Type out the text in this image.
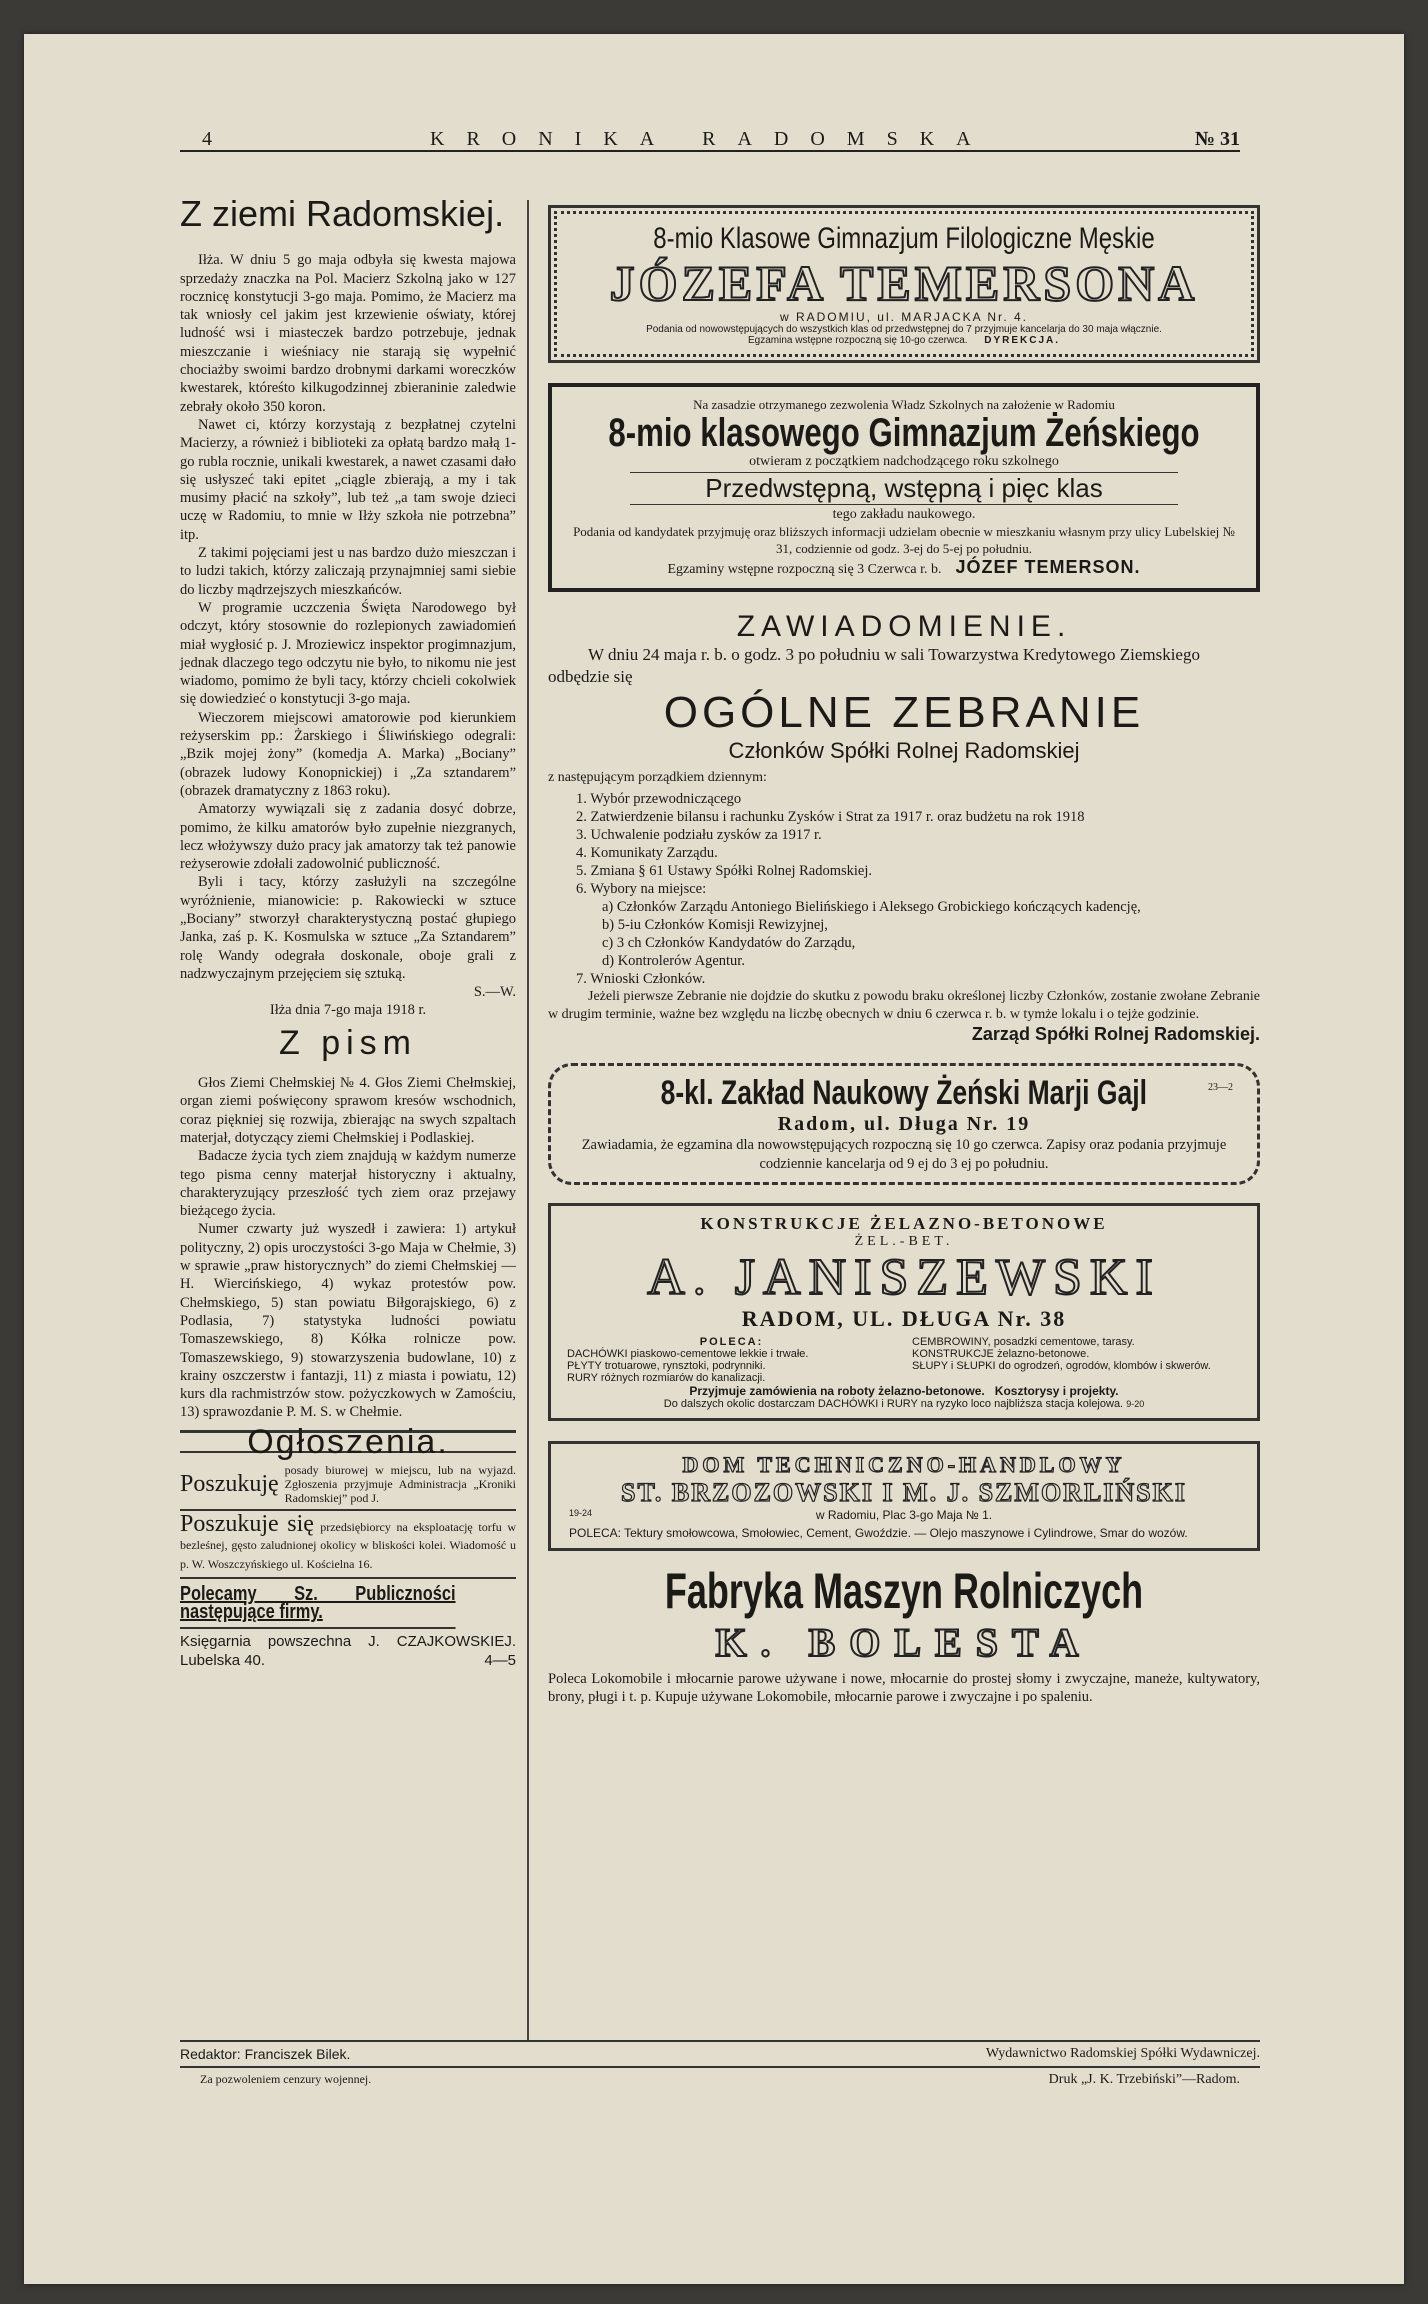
4	KRONIKA RADOMSKA	№ 31
Z ziemi Radomskiej.

Iłża. W dniu 5 go maja odbyła się kwesta majowa sprzedaży znaczka na Pol. Macierz Szkolną jako w 127 rocznicę konstytucji 3-go maja. Pomimo, że Macierz ma tak wniosły cel jakim jest krzewienie oświaty, której ludność wsi i miasteczek bardzo potrzebuje, jednak mieszczanie i wieśniacy nie starają się wypełnić chociażby swoimi bardzo drobnymi darkami woreczków kwestarek, któreśto kilkugodzinnej zbieraninie zaledwie zebrały około 350 koron.

Nawet ci, którzy korzystają z bezpłatnej czytelni Macierzy, a również i biblioteki za opłatą bardzo małą 1-go rubla rocznie, unikali kwestarek, a nawet czasami dało się usłyszeć taki epitet „ciągle zbierają, a my i tak musimy płacić na szkoły”, lub też „a tam swoje dzieci uczę w Radomiu, to mnie w Iłży szkoła nie potrzebna” itp.

Z takimi pojęciami jest u nas bardzo dużo mieszczan i to ludzi takich, którzy zaliczają przynajmniej sami siebie do liczby mądrzejszych mieszkańców.

W programie uczczenia Święta Narodowego był odczyt, który stosownie do rozlepionych zawiadomień miał wygłosić p. J. Mroziewicz inspektor progimnazjum, jednak dlaczego tego odczytu nie było, to nikomu nie jest wiadomo, pomimo że byli tacy, którzy chcieli cokolwiek się dowiedzieć o konstytucji 3-go maja.

Wieczorem miejscowi amatorowie pod kierunkiem reżyserskim pp.: Żarskiego i Śliwińskiego odegrali: „Bzik mojej żony” (komedja A. Marka) „Bociany” (obrazek ludowy Konopnickiej) i „Za sztandarem” (obrazek dramatyczny z 1863 roku).

Amatorzy wywiązali się z zadania dosyć dobrze, pomimo, że kilku amatorów było zupełnie niezgranych, lecz włożywszy dużo pracy jak amatorzy tak też panowie reżyserowie zdołali zadowolnić publiczność.

Byli i tacy, którzy zasłużyli na szczególne wyróżnienie, mianowicie: p. Rakowiecki w sztuce „Bociany” stworzył charakterystyczną postać głupiego Janka, zaś p. K. Kosmulska w sztuce „Za Sztandarem” rolę Wandy odegrała doskonale, oboje grali z nadzwyczajnym przejęciem się sztuką.

S.—W.
Iłża dnia 7-go maja 1918 r.
Z pism

Głos Ziemi Chełmskiej № 4. Głos Ziemi Chełmskiej, organ ziemi poświęcony sprawom kresów wschodnich, coraz piękniej się rozwija, zbierając na swych szpaltach materjał, dotyczący ziemi Chełmskiej i Podlaskiej.

Badacze życia tych ziem znajdują w każdym numerze tego pisma cenny materjał historyczny i aktualny, charakteryzujący przeszłość tych ziem oraz przejawy bieżącego życia.

Numer czwarty już wyszedł i zawiera: 1) artykuł polityczny, 2) opis uroczystości 3-go Maja w Chełmie, 3) w sprawie „praw historycznych” do ziemi Chełmskiej — H. Wiercińskiego, 4) wykaz protestów pow. Chełmskiego, 5) stan powiatu Biłgorajskiego, 6) z Podlasia, 7) statystyka ludności powiatu Tomaszewskiego, 8) Kółka rolnicze pow. Tomaszewskiego, 9) stowarzyszenia budowlane, 10) z krainy oszczerstw i fantazji, 11) z miasta i powiatu, 12) kurs dla rachmistrzów stow. pożyczkowych w Zamościu, 13) sprawozdanie P. M. S. w Chełmie.

Ogłoszenia.
Poszukuję
posady biurowej w miejscu, lub na wyjazd. Zgłoszenia przyjmuje Administracja „Kroniki Radomskiej” pod J.
Poszukuje się przedsiębiorcy na eksploatację torfu w bezleśnej, gęsto zaludnionej okolicy w bliskości kolei. Wiadomość u p. W. Woszczyńskiego ul. Kościelna 16.
Polecamy Sz. Publiczności następujące firmy.
Księgarnia powszechna J. CZAJKOWSKIEJ. Lubelska 40.	4—5
8-mio Klasowe Gimnazjum Filologiczne Męskie
JÓZEFA TEMERSONA
w RADOMIU, ul. MARJACKA Nr. 4.
Podania od nowowstępujących do wszystkich klas od przedwstępnej do 7 przyjmuje kancelarja do 30 maja włącznie.
Egzamina wstępne rozpoczną się 10-go czerwca. DYREKCJA.
Na zasadzie otrzymanego zezwolenia Władz Szkolnych na założenie w Radomiu
8-mio klasowego Gimnazjum Żeńskiego
otwieram z początkiem nadchodzącego roku szkolnego
Przedwstępną, wstępną i pięc klas
tego zakładu naukowego.
Podania od kandydatek przyjmuję oraz bliższych informacji udzielam obecnie w mieszkaniu własnym przy ulicy Lubelskiej № 31, codziennie od godz. 3-ej do 5-ej po południu.
Egzaminy wstępne rozpoczną się 3 Czerwca r. b. JÓZEF TEMERSON.
ZAWIADOMIENIE.
W dniu 24 maja r. b. o godz. 3 po południu w sali Towarzystwa Kredytowego Ziemskiego odbędzie się
OGÓLNE ZEBRANIE
Członków Spółki Rolnej Radomskiej
z następującym porządkiem dziennym:
1. Wybór przewodniczącego
2. Zatwierdzenie bilansu i rachunku Zysków i Strat za 1917 r. oraz budżetu na rok 1918
3. Uchwalenie podziału zysków za 1917 r.
4. Komunikaty Zarządu.
5. Zmiana § 61 Ustawy Spółki Rolnej Radomskiej.
6. Wybory na miejsce:
a) Członków Zarządu Antoniego Bielińskiego i Aleksego Grobickiego kończących kadencję,
b) 5-iu Członków Komisji Rewizyjnej,
c) 3 ch Członków Kandydatów do Zarządu,
d) Kontrolerów Agentur.
7. Wnioski Członków.
Jeżeli pierwsze Zebranie nie dojdzie do skutku z powodu braku określonej liczby Członków, zostanie zwołane Zebranie w drugim terminie, ważne bez względu na liczbę obecnych w dniu 6 czerwca r. b. w tymże lokalu i o tejże godzinie.
Zarząd Spółki Rolnej Radomskiej.
8-kl. Zakład Naukowy Żeński Marji Gajl	23—2
Radom, ul. Długa Nr. 19
Zawiadamia, że egzamina dla nowowstępujących rozpoczną się 10 go czerwca. Zapisy oraz podania przyjmuje codziennie kancelarja od 9 ej do 3 ej po południu.
KONSTRUKCJE ŻELAZNO-BETONOWE
ŻEL.-BET.
A. JANISZEWSKI
RADOM, UL. DŁUGA Nr. 38
POLECA:
DACHÓWKI piaskowo-cementowe lekkie i trwałe.
PŁYTY trotuarowe, rynsztoki, podrynniki.
RURY różnych rozmiarów do kanalizacji.
CEMBROWINY, posadzki cementowe, tarasy.
KONSTRUKCJE żelazno-betonowe.
SŁUPY i SŁUPKI do ogrodzeń, ogrodów, klombów i skwerów.
Przyjmuje zamówienia na roboty żelazno-betonowe. Kosztorysy i projekty.
Do dalszych okolic dostarczam DACHÓWKI i RURY na ryzyko loco najbliższa stacja kolejowa. 9-20
DOM TECHNICZNO-HANDLOWY
ST. BRZOZOWSKI I M. J. SZMORLIŃSKI
19-24	w Radomiu, Plac 3-go Maja № 1.
POLECA: Tektury smołowcowa, Smołowiec, Cement, Gwoździe. — Olejo maszynowe i Cylindrowe, Smar do wozów.
Fabryka Maszyn Rolniczych
K. BOLESTA
Poleca Lokomobile i młocarnie parowe używane i nowe, młocarnie do prostej słomy i zwyczajne, maneże, kultywatory, brony, pługi i t. p. Kupuje używane Lokomobile, młocarnie parowe i zwyczajne i po spaleniu.
Redaktor: Franciszek Bilek.	Wydawnictwo Radomskiej Spółki Wydawniczej.
Za pozwoleniem cenzury wojennej.	Druk „J. K. Trzebiński”—Radom.
